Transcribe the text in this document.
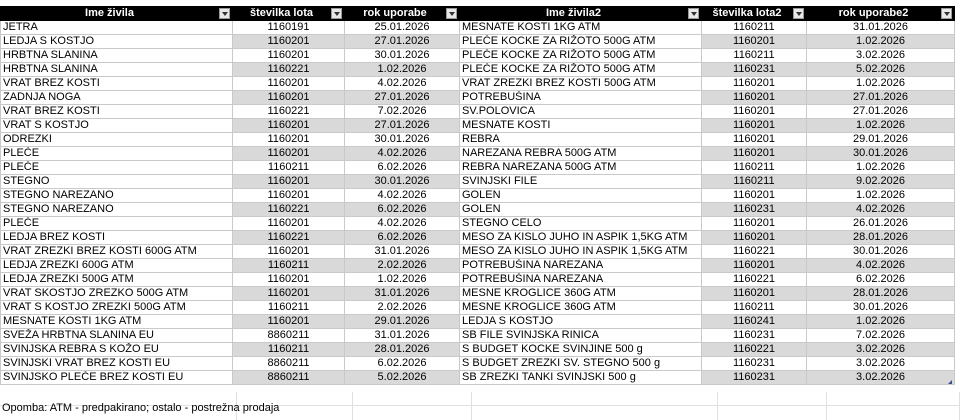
Ime živila	številka lota	rok uporabe	Ime živila2	številka lota2	rok uporabe2

JETRA	1160191	25.01.2026	MESNATE KOSTI 1KG ATM	1160211	31.01.2026
LEDJA S KOSTJO	1160201	27.01.2026	PLEČE KOCKE ZA RIŽOTO 500G ATM	1160201	1.02.2026
HRBTNA SLANINA	1160201	30.01.2026	PLEČE KOCKE ZA RIŽOTO 500G ATM	1160211	3.02.2026
HRBTNA SLANINA	1160221	1.02.2026	PLEČE KOCKE ZA RIŽOTO 500G ATM	1160231	5.02.2026
VRAT BREZ KOSTI	1160201	4.02.2026	VRAT ZREZKI BREZ KOSTI 500G ATM	1160201	1.02.2026
ZADNJA NOGA	1160201	27.01.2026	POTREBUŠINA	1160201	27.01.2026
VRAT BREZ KOSTI	1160221	7.02.2026	SV.POLOVICA	1160201	27.01.2026
VRAT S KOSTJO	1160201	27.01.2026	MESNATE KOSTI	1160201	1.02.2026
ODREZKI	1160201	30.01.2026	REBRA	1160201	29.01.2026
PLEČE	1160201	4.02.2026	NAREZANA REBRA 500G ATM	1160201	30.01.2026
PLEČE	1160211	6.02.2026	REBRA NAREZANA 500G ATM	1160211	1.02.2026
STEGNO	1160201	30.01.2026	SVINJSKI FILE	1160211	9.02.2026
STEGNO NAREZANO	1160201	4.02.2026	GOLEN	1160201	1.02.2026
STEGNO NAREZANO	1160221	6.02.2026	GOLEN	1160231	4.02.2026
PLEČE	1160201	4.02.2026	STEGNO CELO	1160201	26.01.2026
LEDJA BREZ KOSTI	1160221	6.02.2026	MESO ZA KISLO JUHO IN ASPIK 1,5KG ATM	1160201	28.01.2026
VRAT ZREZKI BREZ KOSTI 600G ATM	1160201	31.01.2026	MESO ZA KISLO JUHO IN ASPIK 1,5KG ATM	1160221	30.01.2026
LEDJA ZREZKI 600G ATM	1160211	2.02.2026	POTREBUŠINA NAREZANA	1160201	4.02.2026
LEDJA ZREZKI 500G ATM	1160201	1.02.2026	POTREBUŠINA NAREZANA	1160221	6.02.2026
VRAT SKOSTJO ZREZKO 500G ATM	1160201	31.01.2026	MESNE KROGLICE 360G ATM	1160201	28.01.2026
VRAT S KOSTJO ZREZKI 500G ATM	1160211	2.02.2026	MESNE KROGLICE 360G ATM	1160211	30.01.2026
MESNATE KOSTI 1KG ATM	1160201	29.01.2026	LEDJA S KOSTJO	1160241	1.02.2026
SVEŽA HRBTNA SLANINA EU	8860211	31.01.2026	SB FILE SVINJSKA RINICA	1160231	7.02.2026
SVINJSKA REBRA S KOŽO EU	1160211	28.01.2026	S BUDGET KOCKE SVINJINE 500 g	1160221	3.02.2026
SVINJSKI VRAT BREZ KOSTI EU	8860211	6.02.2026	S BUDGET ZREZKI SV. STEGNO 500 g	1160231	3.02.2026
SVINJSKO PLEČE BREZ KOSTI EU	8860211	5.02.2026	SB ZREZKI TANKI SVINJSKI 500 g	1160231	3.02.2026
Opomba: ATM - predpakirano; ostalo - postrežna prodaja
